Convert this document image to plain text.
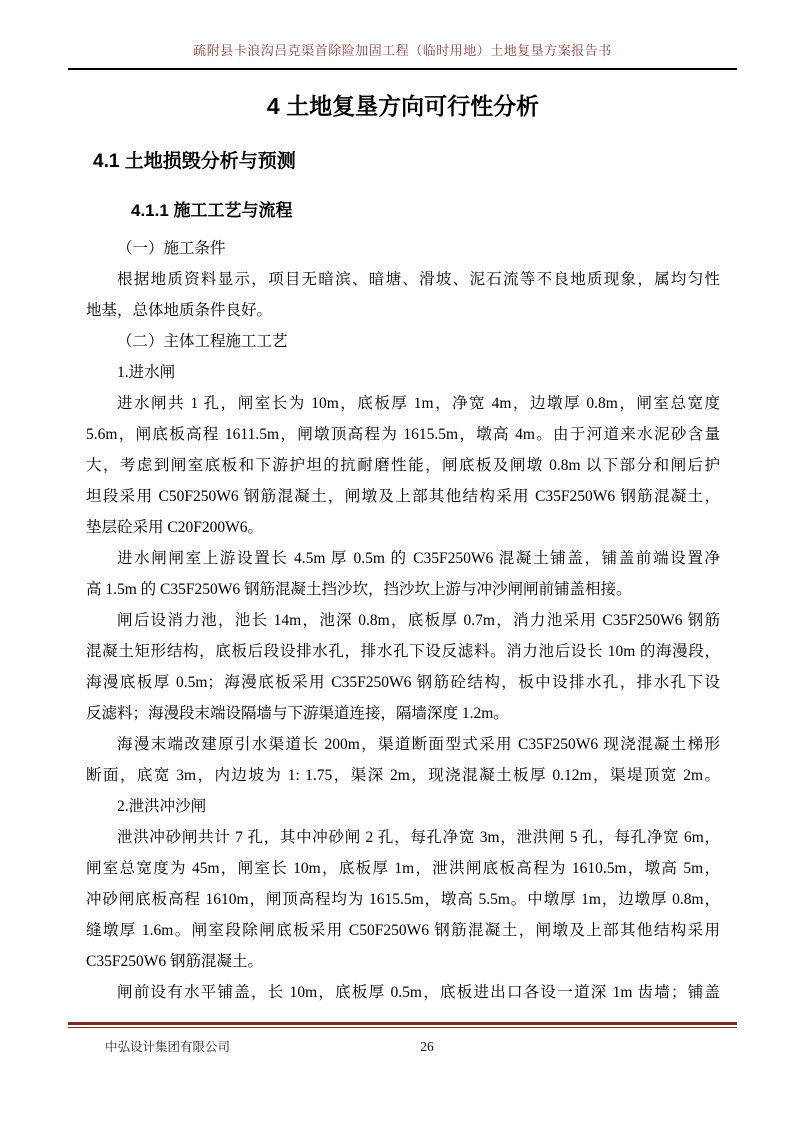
疏附县卡浪沟吕克渠首除险加固工程（临时用地）土地复垦方案报告书
4 土地复垦方向可行性分析
4.1 土地损毁分析与预测
4.1.1 施工工艺与流程
（一）施工条件
根据地质资料显示，项目无暗滨、暗塘、滑坡、泥石流等不良地质现象，属均匀性
地基，总体地质条件良好。
（二）主体工程施工工艺
1.进水闸
进水闸共 1 孔，闸室长为 10m，底板厚 1m，净宽 4m，边墩厚 0.8m，闸室总宽度
5.6m，闸底板高程 1611.5m，闸墩顶高程为 1615.5m，墩高 4m。由于河道来水泥砂含量
大，考虑到闸室底板和下游护坦的抗耐磨性能，闸底板及闸墩 0.8m 以下部分和闸后护
坦段采用 C50F250W6 钢筋混凝土，闸墩及上部其他结构采用 C35F250W6 钢筋混凝土，
垫层砼采用 C20F200W6。
进水闸闸室上游设置长 4.5m 厚 0.5m 的 C35F250W6 混凝土铺盖，铺盖前端设置净
高 1.5m 的 C35F250W6 钢筋混凝土挡沙坎，挡沙坎上游与冲沙闸闸前铺盖相接。
闸后设消力池，池长 14m，池深 0.8m，底板厚 0.7m，消力池采用 C35F250W6 钢筋
混凝土矩形结构，底板后段设排水孔，排水孔下设反滤料。消力池后设长 10m 的海漫段，
海漫底板厚 0.5m；海漫底板采用 C35F250W6 钢筋砼结构，板中设排水孔，排水孔下设
反滤料；海漫段末端设隔墙与下游渠道连接，隔墙深度 1.2m。
海漫末端改建原引水渠道长 200m，渠道断面型式采用 C35F250W6 现浇混凝土梯形
断面，底宽 3m，内边坡为 1: 1.75，渠深 2m，现浇混凝土板厚 0.12m，渠堤顶宽 2m。
2.泄洪冲沙闸
泄洪冲砂闸共计 7 孔，其中冲砂闸 2 孔，每孔净宽 3m，泄洪闸 5 孔，每孔净宽 6m，
闸室总宽度为 45m，闸室长 10m，底板厚 1m，泄洪闸底板高程为 1610.5m，墩高 5m，
冲砂闸底板高程 1610m，闸顶高程均为 1615.5m，墩高 5.5m。中墩厚 1m，边墩厚 0.8m，
缝墩厚 1.6m。闸室段除闸底板采用 C50F250W6 钢筋混凝土，闸墩及上部其他结构采用
C35F250W6 钢筋混凝土。
闸前设有水平铺盖，长 10m，底板厚 0.5m，底板进出口各设一道深 1m 齿墙；铺盖
中弘设计集团有限公司	26
